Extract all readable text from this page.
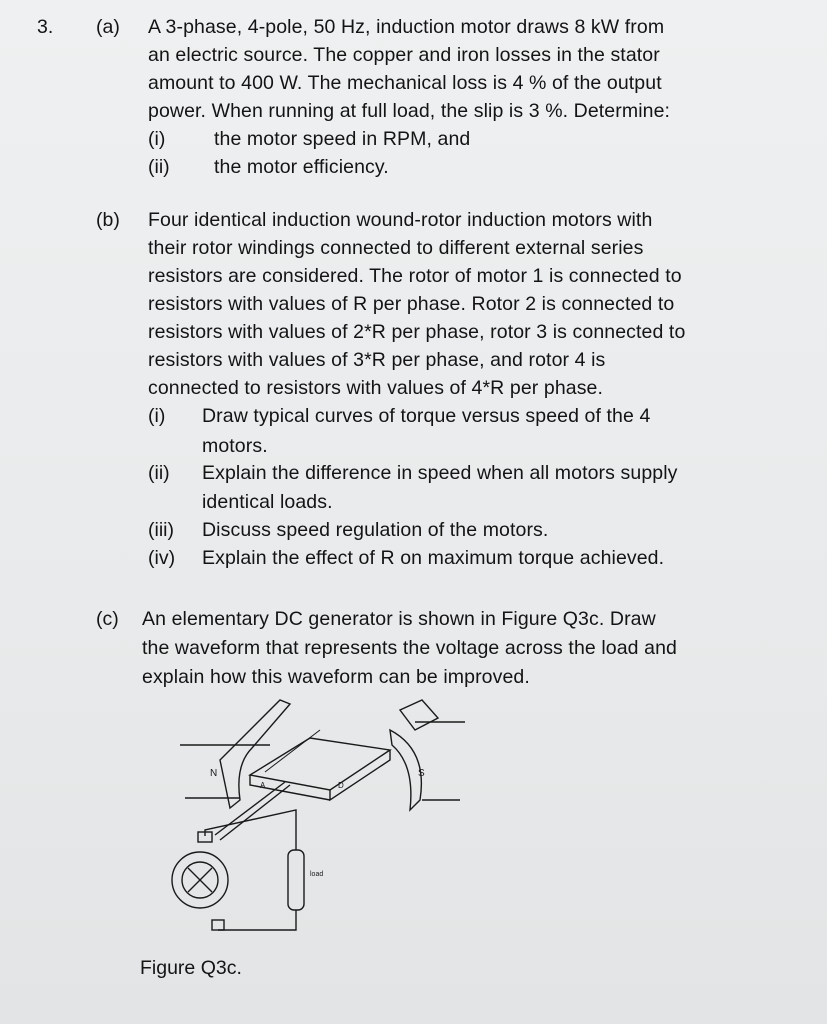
3. (a) A 3-phase, 4-pole, 50 Hz, induction motor draws 8 kW from
an electric source. The copper and iron losses in the stator
amount to 400 W. The mechanical loss is 4 % of the output
power. When running at full load, the slip is 3 %. Determine:
(i) the motor speed in RPM, and
(ii) the motor efficiency.
(b) Four identical induction wound-rotor induction motors with
their rotor windings connected to different external series
resistors are considered. The rotor of motor 1 is connected to
resistors with values of R per phase. Rotor 2 is connected to
resistors with values of 2*R per phase, rotor 3 is connected to
resistors with values of 3*R per phase, and rotor 4 is
connected to resistors with values of 4*R per phase.
(i) Draw typical curves of torque versus speed of the 4
motors.
(ii) Explain the difference in speed when all motors supply
identical loads.
(iii) Discuss speed regulation of the motors.
(iv) Explain the effect of R on maximum torque achieved.
(c) An elementary DC generator is shown in Figure Q3c. Draw
the waveform that represents the voltage across the load and
explain how this waveform can be improved.
N	S
A	D
load
Figure Q3c.
